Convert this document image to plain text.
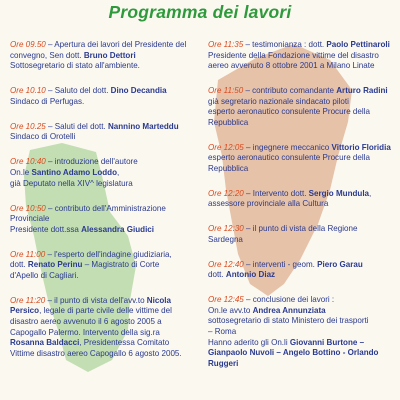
Programma dei lavori
Ore 09.50 – Apertura dei lavori del Presidente del
convegno, Sen dott. Bruno Dettori
Sottosegretario di stato all'ambiente.
Ore 10.10 – Saluto del dott. Dino Decandia
Sindaco di Perfugas.
Ore 10.25 – Saluti del dott. Nannino Marteddu
Sindaco di Orotelli
Ore 10:40 – introduzione dell'autore
On.le Santino Adamo Loddo,
già Deputato nella XIV^ legislatura
Ore 10:50 – contributo dell'Amministrazione
Provinciale
Presidente dott.ssa Alessandra Giudici
Ore 11:00 – l'esperto dell'indagine giudiziaria,
dott. Renato Perinu – Magistrato di Corte
d'Apello di Cagliari.
Ore 11:20 – il punto di vista dell'avv.to Nicola
Persico, legale di parte civile delle vittime del
disastro aereo avvenuto il 6 agosto 2005 a
Capogallo Palermo. Intervento della sig.ra
Rosanna Baldacci, Presidentessa Comitato
Vittime disastro aereo Capogallo 6 agosto 2005.
Ore 11:35 – testimonianza : dott. Paolo Pettinaroli
Presidente della Fondazione vittime del disastro
aereo avvenuto 8 ottobre 2001 a Milano Linate
Ore 11:50 – contributo comandante Arturo Radini
già segretario nazionale sindacato piloti
esperto aeronautico consulente Procure della
Repubblica
Ore 12:05 – ingegnere meccanico Vittorio Floridia
esperto aeronautico consulente Procure della
Repubblica
Ore 12:20 – Intervento dott. Sergio Mundula,
assessore provinciale alla Cultura
Ore 12:30 – il punto di vista della Regione
Sardegna
Ore 12:40 – interventi - geom. Piero Garau
dott. Antonio Diaz
Ore 12:45 – conclusione dei lavori :
On.le avv.to Andrea Annunziata
sottosegretario di stato Ministero dei trasporti
– Roma
Hanno aderito gli On.li Giovanni Burtone –
Gianpaolo Nuvoli – Angelo Bottino - Orlando
Ruggeri
